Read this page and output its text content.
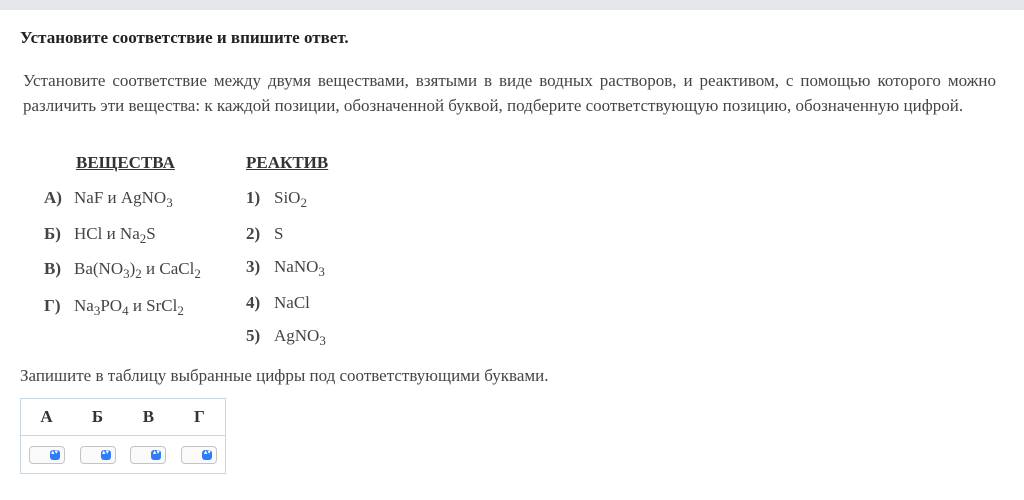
Установите соответствие и впишите ответ.
Установите соответствие между двумя веществами, взятыми в виде водных растворов, и реактивом, с помощью которого можно различить эти вещества: к каждой позиции, обозначенной буквой, подберите соответствующую позицию, обозначенную цифрой.
ВЕЩЕСТВА	РЕАКТИВ
А) NaF и AgNO$_3$
Б) HCl и $Na_2S$
В) $Ba(NO_3)_2$ и CaCl$_2$
Г) $Na_3PO_4$ и SrCl$_2$
1) SiO$_2$
2) S
3) NaNO$_3$
4) NaCl
5) AgNO$_3$
Запишите в таблицу выбранные цифры под соответствующими буквами.
А	Б	В	Г

▴▾	▴▾	▴▾	▴▾
